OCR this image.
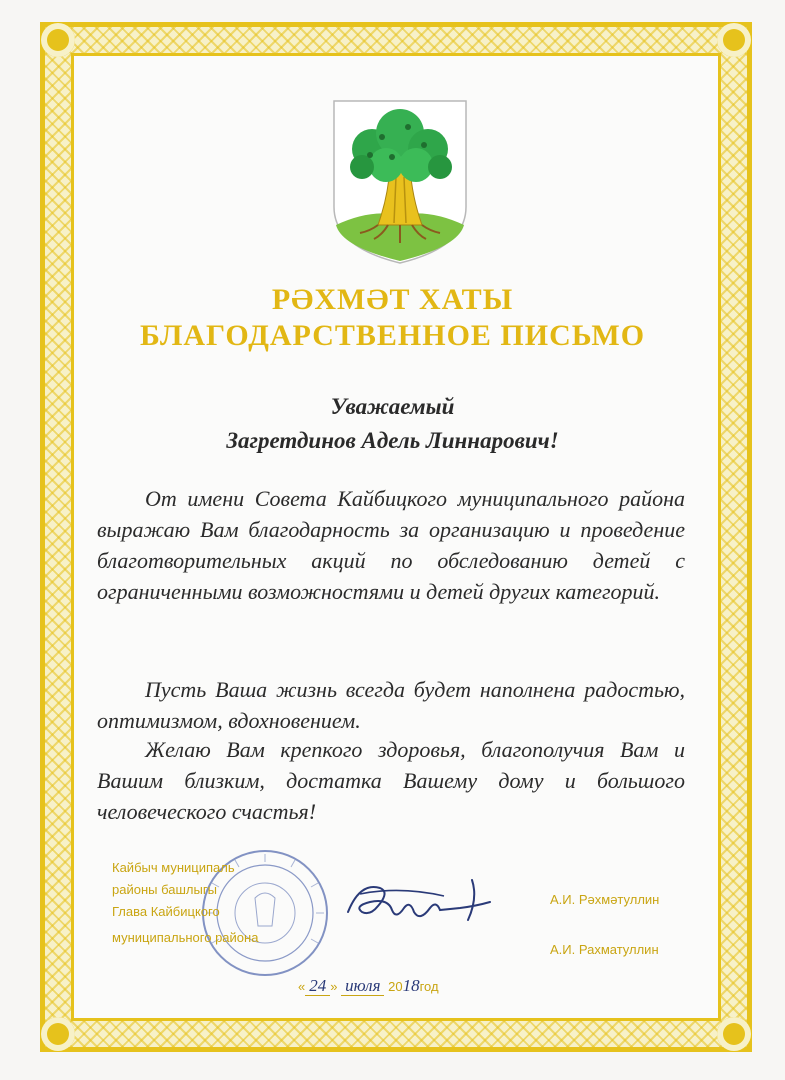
РӘХМӘТ ХАТЫ
БЛАГОДАРСТВЕННОЕ ПИСЬМО
Уважаемый
Загретдинов Адель Линнарович!
От имени Совета Кайбицкого муниципального района выражаю Вам благодарность за организацию и проведение благотворительных акций по обследованию детей с ограниченными возможностями и детей других категорий.
Пусть Ваша жизнь всегда будет наполнена радостью, оптимизмом, вдохновением.
Желаю Вам крепкого здоровья, благополучия Вам и Вашим близким, достатка Вашему дому и большого человеческого счастья!
Кайбыч муниципаль
районы башлыгы
Глава Кайбицкого
муниципального района
А.И. Рәхмәтуллин
А.И. Рахматуллин
« 24 » июля 2018год
